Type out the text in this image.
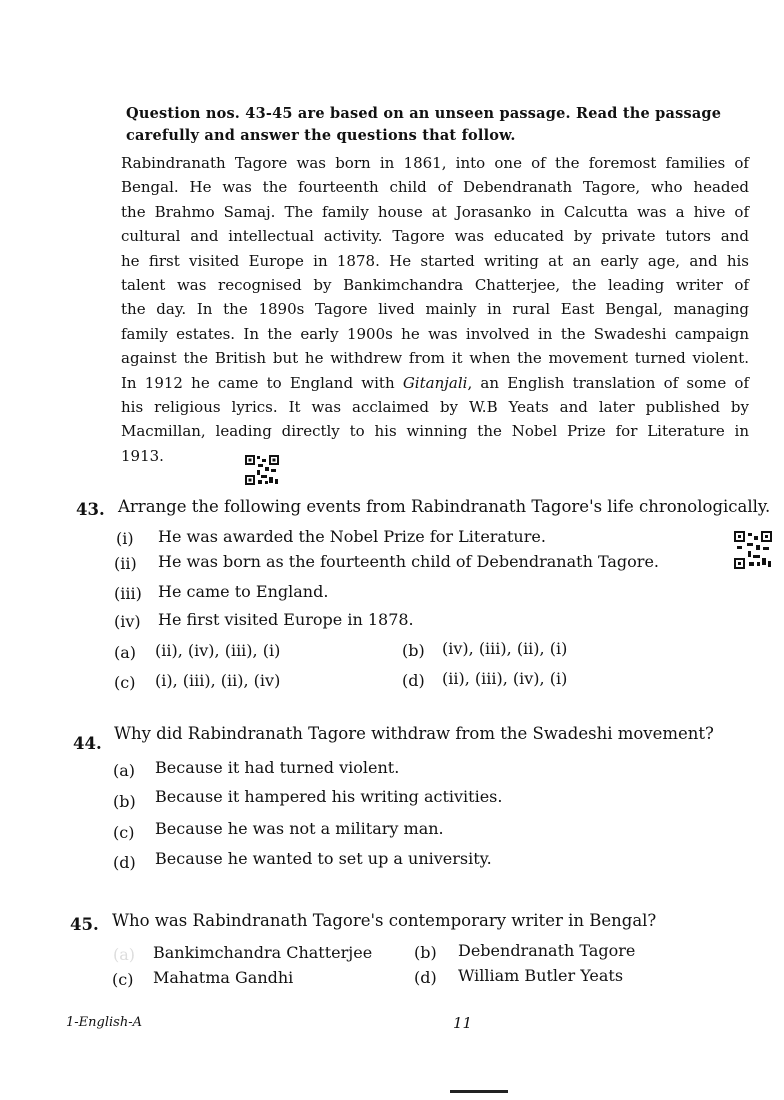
Question nos. 43-45 are based on an unseen passage. Read the passage carefully and answer the questions that follow.
Rabindranath Tagore was born in 1861, into one of the foremost families of
Bengal. He was the fourteenth child of Debendranath Tagore, who headed
the Brahmo Samaj. The family house at Jorasanko in Calcutta was a hive of
cultural and intellectual activity. Tagore was educated by private tutors and
he first visited Europe in 1878. He started writing at an early age, and his
talent was recognised by Bankimchandra Chatterjee, the leading writer of
the day. In the 1890s Tagore lived mainly in rural East Bengal, managing
family estates. In the early 1900s he was involved in the Swadeshi campaign
against the British but he withdrew from it when the movement turned violent.
In 1912 he came to England with Gitanjali, an English translation of some of
his religious lyrics. It was acclaimed by W.B Yeats and later published by
Macmillan, leading directly to his winning the Nobel Prize for Literature in
1913.
43. Arrange the following events from Rabindranath Tagore's life chronologically.
(i) He was awarded the Nobel Prize for Literature.
(ii) He was born as the fourteenth child of Debendranath Tagore.
(iii) He came to England.
(iv) He first visited Europe in 1878.
(a) (ii), (iv), (iii), (i)	(b) (iv), (iii), (ii), (i)
(c) (i), (iii), (ii), (iv)	(d) (ii), (iii), (iv), (i)
44.
Why did Rabindranath Tagore withdraw from the Swadeshi movement?
(a) Because it had turned violent.
(b) Because it hampered his writing activities.
(c) Because he was not a military man.
(d) Because he wanted to set up a university.
45. Who was Rabindranath Tagore's contemporary writer in Bengal?
(a) Bankimchandra Chatterjee	(b) Debendranath Tagore
(c) Mahatma Gandhi	(d) William Butler Yeats
1-English-A	11
